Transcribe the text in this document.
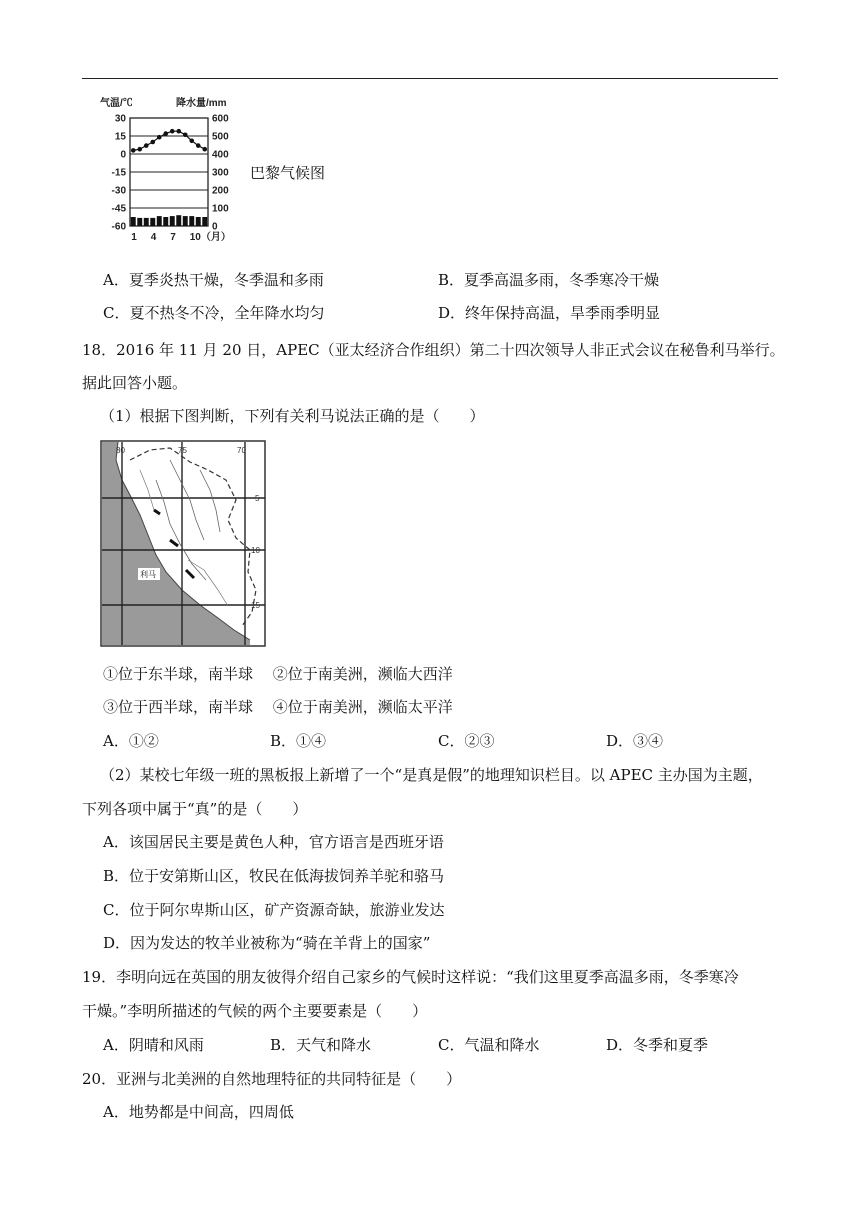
气温/℃	降水量/mm
30
15
0
-15
-30
-45
-60
600
500
400
300
200
100
0
1 4 7 10（月）
巴黎气候图
A．夏季炎热干燥，冬季温和多雨	B．夏季高温多雨，冬季寒冷干燥
C．夏不热冬不冷，全年降水均匀	D．终年保持高温，旱季雨季明显
18．2016 年 11 月 20 日，APEC（亚太经济合作组织）第二十四次领导人非正式会议在秘鲁利马举行。
据此回答小题。
（1）根据下图判断，下列有关利马说法正确的是（　　）
80	75	70
5
10
15
利马
①位于东半球，南半球　 ②位于南美洲，濒临大西洋
③位于西半球，南半球　 ④位于南美洲，濒临太平洋
A．①②	B．①④	C．②③	D．③④
（2）某校七年级一班的黑板报上新增了一个“是真是假”的地理知识栏目。以 APEC 主办国为主题，
下列各项中属于“真”的是（　　）
A．该国居民主要是黄色人种，官方语言是西班牙语
B．位于安第斯山区，牧民在低海拔饲养羊驼和骆马
C．位于阿尔卑斯山区，矿产资源奇缺，旅游业发达
D．因为发达的牧羊业被称为“骑在羊背上的国家”
19．李明向远在英国的朋友彼得介绍自己家乡的气候时这样说：“我们这里夏季高温多雨，冬季寒冷
干燥。”李明所描述的气候的两个主要要素是（　　）
A．阴晴和风雨	B．天气和降水	C．气温和降水	D．冬季和夏季
20．亚洲与北美洲的自然地理特征的共同特征是（　　）
A．地势都是中间高，四周低
